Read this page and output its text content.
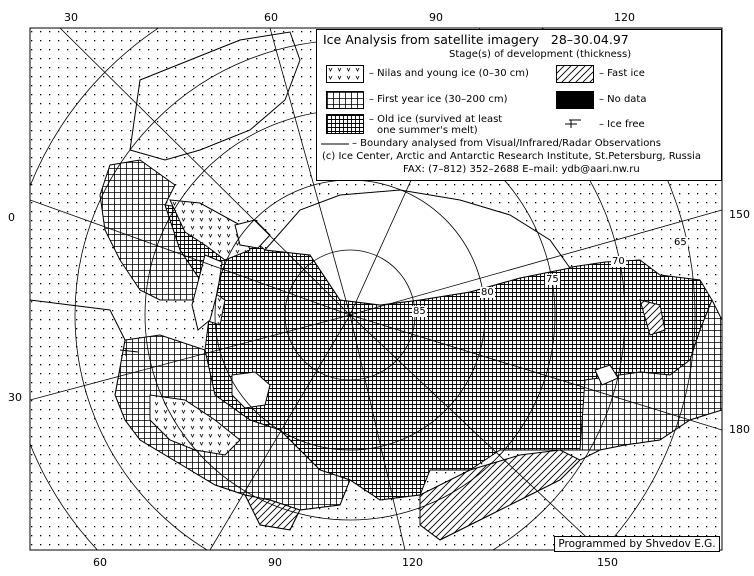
30	60	90	120
60	90	120	150
0
30
150
180
85
80
75
70
65
Ice Analysis from satellite imagery 28–30.04.97
Stage(s) of development (thickness)
– Nilas and young ice (0–30 cm)	– Fast ice
– First year ice (30–200 cm)	– No data
– Old ice (survived at least
one summer's melt)
– Ice free
– Boundary analysed from Visual/Infrared/Radar Observations
(c) Ice Center, Arctic and Antarctic Research Institute, St.Petersburg, Russia
FAX: (7–812) 352–2688 E–mail: ydb@aari.nw.ru
Programmed by Shvedov E.G.
